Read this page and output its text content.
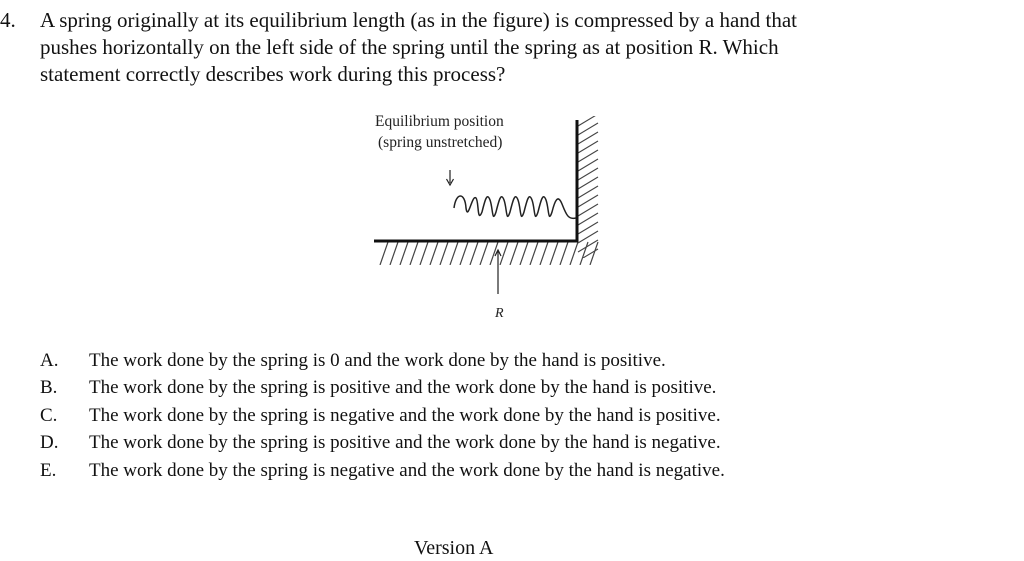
4. A spring originally at its equilibrium length (as in the figure) is compressed by a hand that
pushes horizontally on the left side of the spring until the spring as at position R. Which
statement correctly describes work during this process?
Equilibrium position
(spring unstretched)
R
A.	The work done by the spring is 0 and the work done by the hand is positive.
B.	The work done by the spring is positive and the work done by the hand is positive.
C.	The work done by the spring is negative and the work done by the hand is positive.
D.	The work done by the spring is positive and the work done by the hand is negative.
E.	The work done by the spring is negative and the work done by the hand is negative.
Version A
